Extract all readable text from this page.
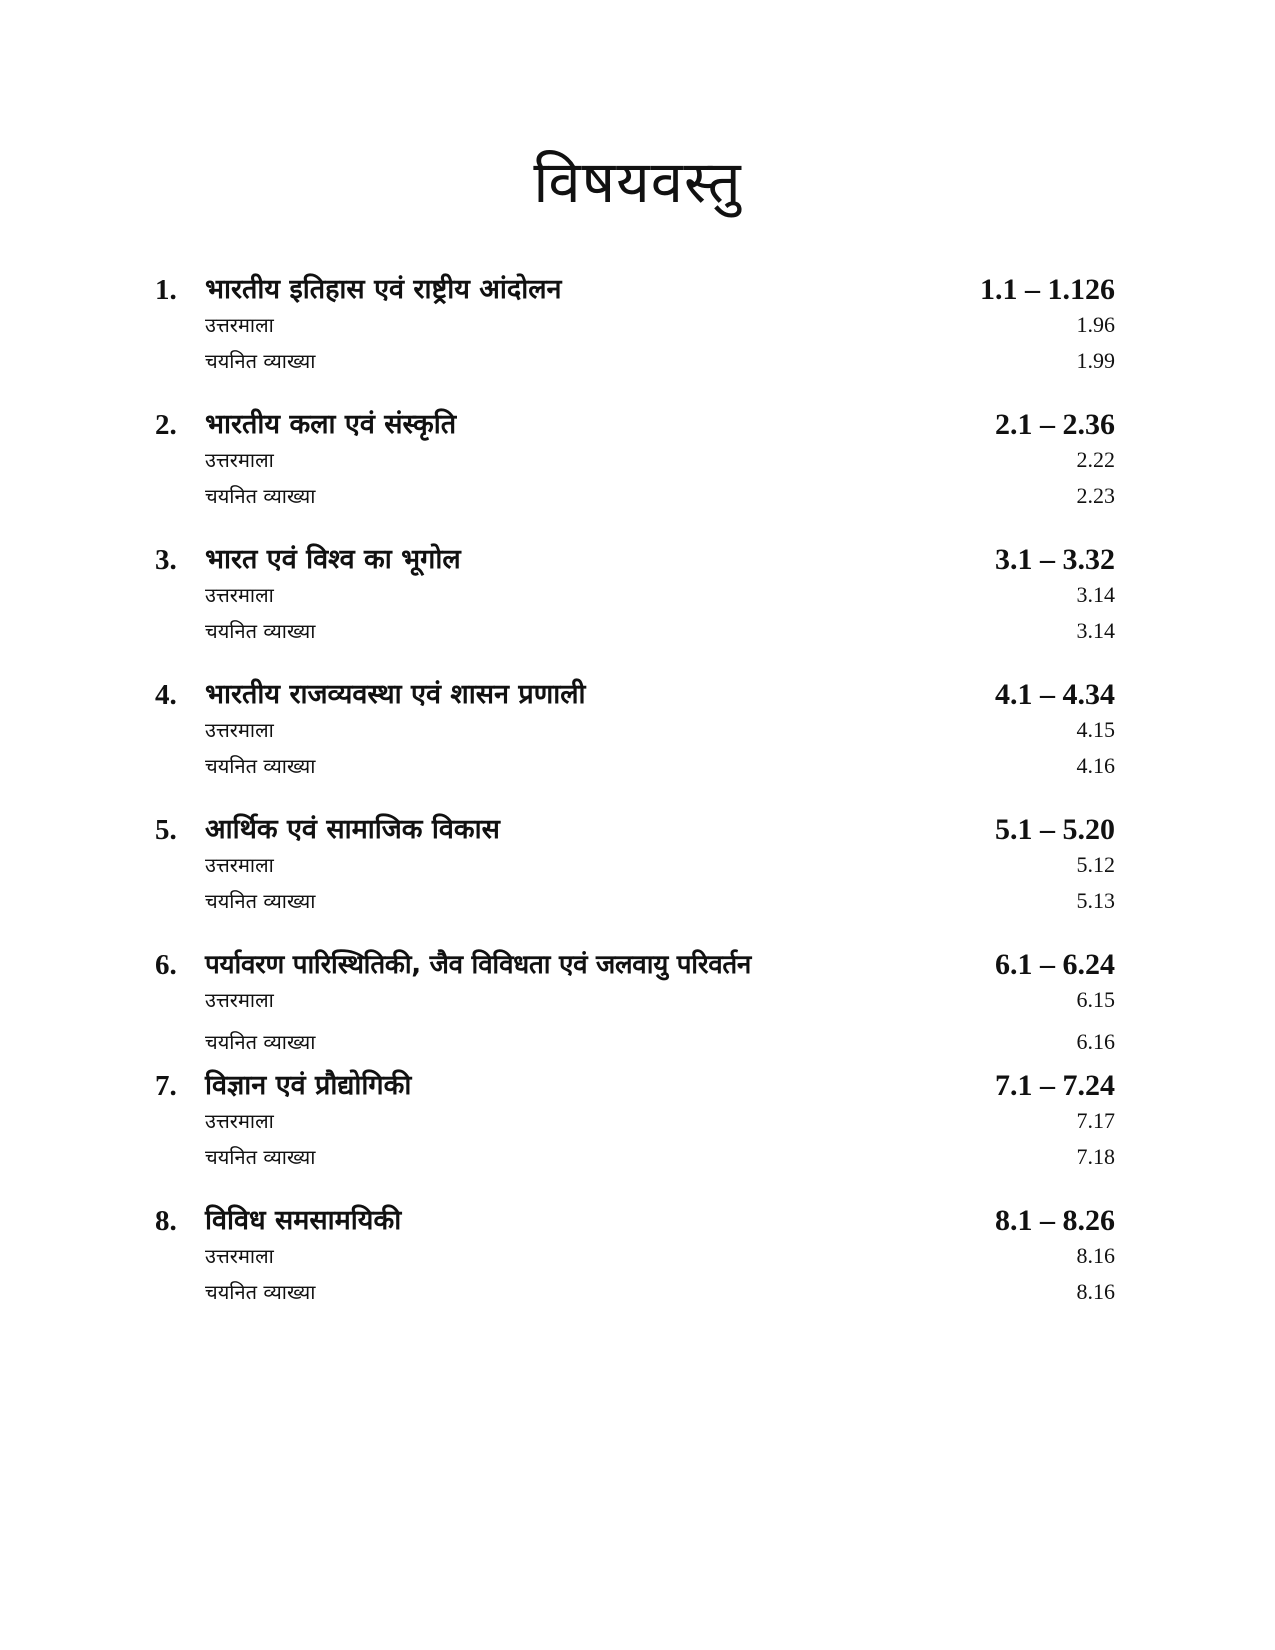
विषयवस्तु
1. भारतीय इतिहास एवं राष्ट्रीय आंदोलन	1.1 – 1.126
उत्तरमाला	1.96
चयनित व्याख्या	1.99
2. भारतीय कला एवं संस्कृति	2.1 – 2.36
उत्तरमाला	2.22
चयनित व्याख्या	2.23
3. भारत एवं विश्व का भूगोल	3.1 – 3.32
उत्तरमाला	3.14
चयनित व्याख्या	3.14
4. भारतीय राजव्यवस्था एवं शासन प्रणाली	4.1 – 4.34
उत्तरमाला	4.15
चयनित व्याख्या	4.16
5. आर्थिक एवं सामाजिक विकास	5.1 – 5.20
उत्तरमाला	5.12
चयनित व्याख्या	5.13
6. पर्यावरण पारिस्थितिकी, जैव विविधता एवं जलवायु परिवर्तन	6.1 – 6.24
उत्तरमाला	6.15
चयनित व्याख्या	6.16
7. विज्ञान एवं प्रौद्योगिकी	7.1 – 7.24
उत्तरमाला	7.17
चयनित व्याख्या	7.18
8. विविध समसामयिकी	8.1 – 8.26
उत्तरमाला	8.16
चयनित व्याख्या	8.16
